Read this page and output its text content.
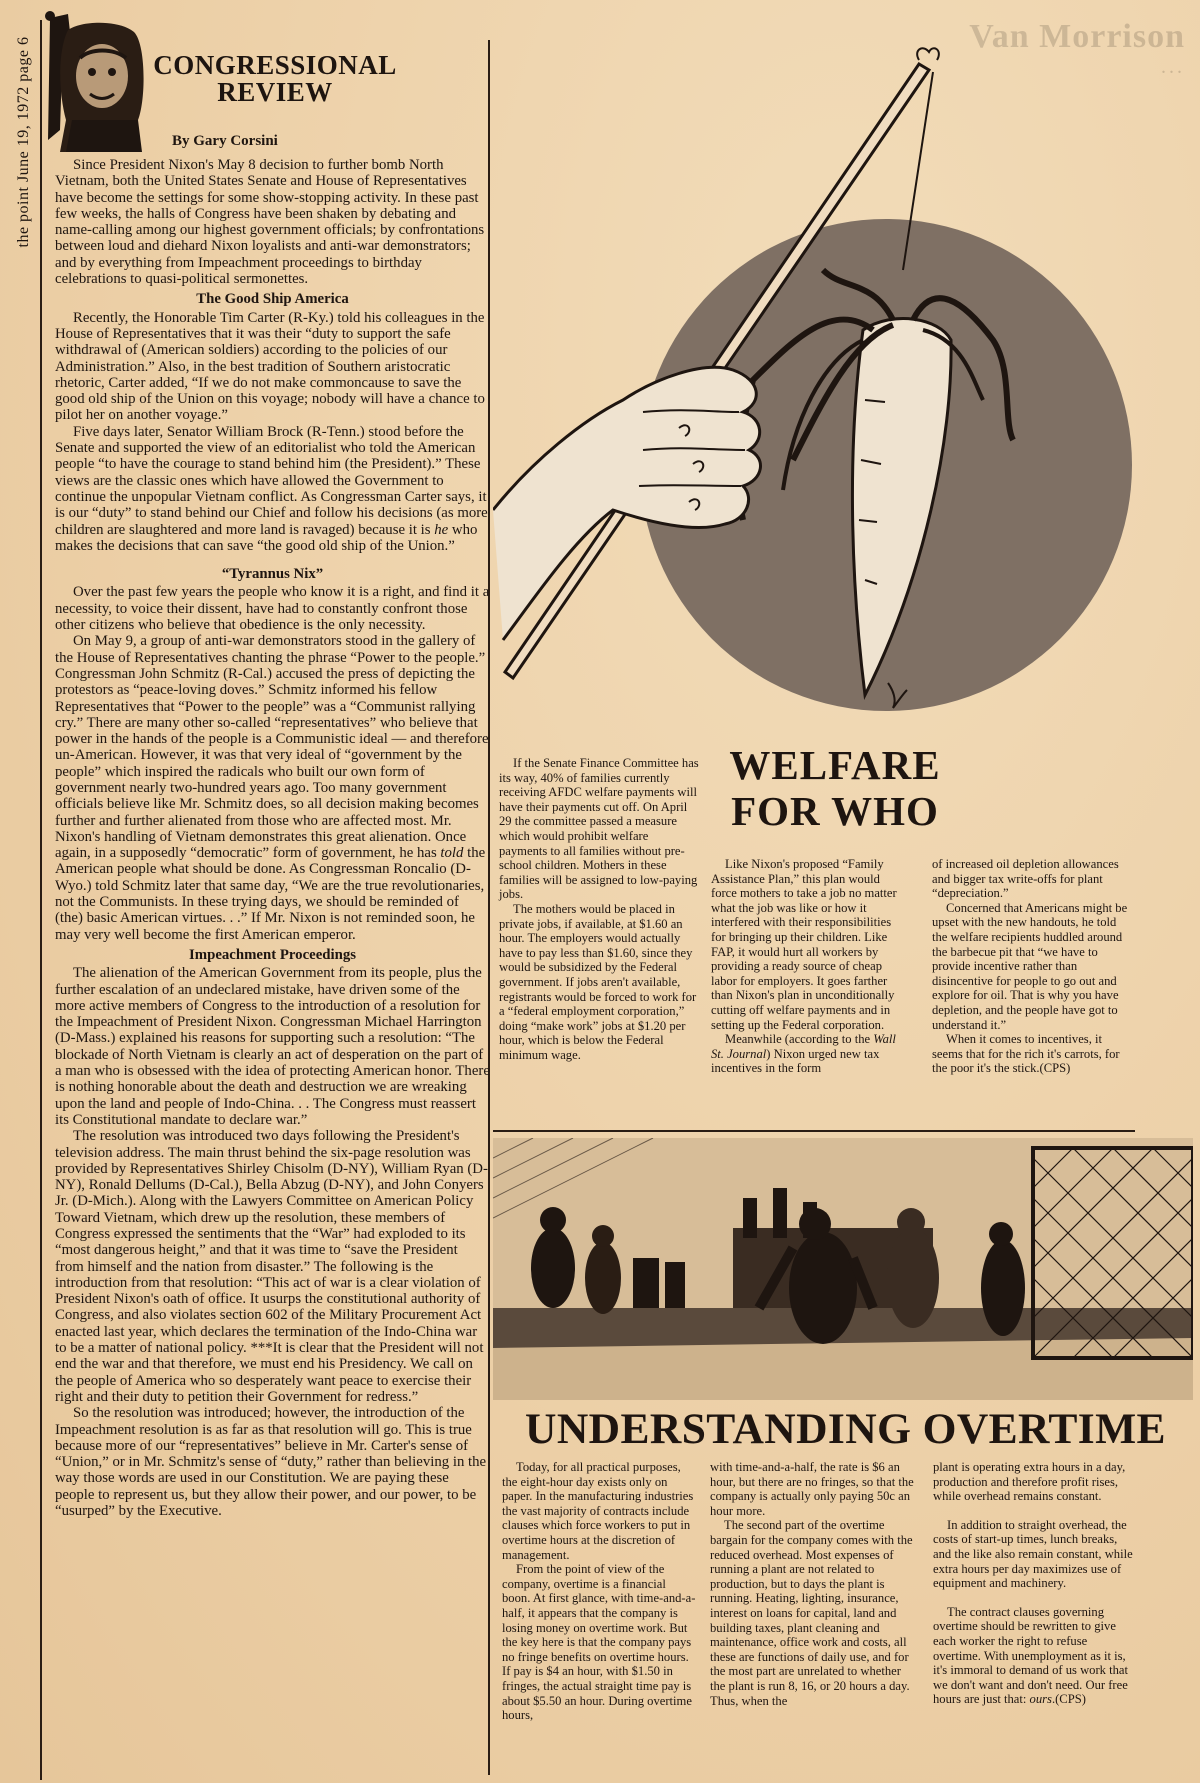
Van Morrison
...
the point June 19, 1972 page 6	CONGRESSIONAL
REVIEW
By Gary Corsini

Since President Nixon's May 8 decision to further bomb North Vietnam, both the United States Senate and House of Representatives have become the settings for some show-stopping activity. In these past few weeks, the halls of Congress have been shaken by debating and name-calling among our highest government officials; by confrontations between loud and diehard Nixon loyalists and anti-war demonstrators; and by everything from Impeachment proceedings to birthday celebrations to quasi-political sermonettes.

The Good Ship America

Recently, the Honorable Tim Carter (R-Ky.) told his colleagues in the House of Representatives that it was their “duty to support the safe withdrawal of (American soldiers) according to the policies of our Administration.” Also, in the best tradition of Southern aristocratic rhetoric, Carter added, “If we do not make commoncause to save the good old ship of the Union on this voyage; nobody will have a chance to pilot her on another voyage.”

Five days later, Senator William Brock (R-Tenn.) stood before the Senate and supported the view of an editorialist who told the American people “to have the courage to stand behind him (the President).” These views are the classic ones which have allowed the Government to continue the unpopular Vietnam conflict. As Congressman Carter says, it is our “duty” to stand behind our Chief and follow his decisions (as more children are slaughtered and more land is ravaged) because it is he who makes the decisions that can save “the good old ship of the Union.”

“Tyrannus Nix”

Over the past few years the people who know it is a right, and find it a necessity, to voice their dissent, have had to constantly confront those other citizens who believe that obedience is the only necessity.

On May 9, a group of anti-war demonstrators stood in the gallery of the House of Representatives chanting the phrase “Power to the people.” Congressman John Schmitz (R-Cal.) accused the press of depicting the protestors as “peace-loving doves.” Schmitz informed his fellow Representatives that “Power to the people” was a “Communist rallying cry.” There are many other so-called “representatives” who believe that power in the hands of the people is a Communistic ideal — and therefore un-American. However, it was that very ideal of “government by the people” which inspired the radicals who built our own form of government nearly two-hundred years ago. Too many government officials believe like Mr. Schmitz does, so all decision making becomes further and further alienated from those who are affected most. Mr. Nixon's handling of Vietnam demonstrates this great alienation. Once again, in a supposedly “democratic” form of government, he has told the American people what should be done. As Congressman Roncalio (D-Wyo.) told Schmitz later that same day, “We are the true revolutionaries, not the Communists. In these trying days, we should be reminded of (the) basic American virtues. . .” If Mr. Nixon is not reminded soon, he may very well become the first American emperor.

Impeachment Proceedings

The alienation of the American Government from its people, plus the further escalation of an undeclared mistake, have driven some of the more active members of Congress to the introduction of a resolution for the Impeachment of President Nixon. Congressman Michael Harrington (D-Mass.) explained his reasons for supporting such a resolution: “The blockade of North Vietnam is clearly an act of desperation on the part of a man who is obsessed with the idea of protecting American honor. There is nothing honorable about the death and destruction we are wreaking upon the land and people of Indo-China. . . The Congress must reassert its Constitutional mandate to declare war.”

The resolution was introduced two days following the President's television address. The main thrust behind the six-page resolution was provided by Representatives Shirley Chisolm (D-NY), William Ryan (D-NY), Ronald Dellums (D-Cal.), Bella Abzug (D-NY), and John Conyers Jr. (D-Mich.). Along with the Lawyers Committee on American Policy Toward Vietnam, which drew up the resolution, these members of Congress expressed the sentiments that the “War” had exploded to its “most dangerous height,” and that it was time to “save the President from himself and the nation from disaster.” The following is the introduction from that resolution: “This act of war is a clear violation of President Nixon's oath of office. It usurps the constitutional authority of Congress, and also violates section 602 of the Military Procurement Act enacted last year, which declares the termination of the Indo-China war to be a matter of national policy. ***It is clear that the President will not end the war and that therefore, we must end his Presidency. We call on the people of America who so desperately want peace to exercise their right and their duty to petition their Government for redress.”

So the resolution was introduced; however, the introduction of the Impeachment resolution is as far as that resolution will go. This is true because more of our “representatives” believe in Mr. Carter's sense of “Union,” or in Mr. Schmitz's sense of “duty,” rather than believing in the way those words are used in our Constitution. We are paying these people to represent us, but they allow their power, and our power, to be “usurped” by the Executive.

WELFARE
FOR WHO

If the Senate Finance Committee has its way, 40% of families currently receiving AFDC welfare payments will have their payments cut off. On April 29 the committee passed a measure which would prohibit welfare payments to all families without pre-school children. Mothers in these families will be assigned to low-paying jobs.

The mothers would be placed in private jobs, if available, at $1.60 an hour. The employers would actually have to pay less than $1.60, since they would be subsidized by the Federal government. If jobs aren't available, registrants would be forced to work for a “federal employment corporation,” doing “make work” jobs at $1.20 per hour, which is below the Federal minimum wage.

Like Nixon's proposed “Family Assistance Plan,” this plan would force mothers to take a job no matter what the job was like or how it interfered with their responsibilities for bringing up their children. Like FAP, it would hurt all workers by providing a ready source of cheap labor for employers. It goes farther than Nixon's plan in unconditionally cutting off welfare payments and in setting up the Federal corporation.

Meanwhile (according to the Wall St. Journal) Nixon urged new tax incentives in the form

of increased oil depletion allowances and bigger tax write-offs for plant “depreciation.”

Concerned that Americans might be upset with the new handouts, he told the welfare recipients huddled around the barbecue pit that “we have to provide incentive rather than disincentive for people to go out and explore for oil. That is why you have depletion, and the people have got to understand it.”

When it comes to incentives, it seems that for the rich it's carrots, for the poor it's the stick.(CPS)

UNDERSTANDING OVERTIME

Today, for all practical purposes, the eight-hour day exists only on paper. In the manufacturing industries the vast majority of contracts include clauses which force workers to put in overtime hours at the discretion of management.

From the point of view of the company, overtime is a financial boon. At first glance, with time-and-a-half, it appears that the company is losing money on overtime work. But the key here is that the company pays no fringe benefits on overtime hours. If pay is $4 an hour, with $1.50 in fringes, the actual straight time pay is about $5.50 an hour. During overtime hours,

with time-and-a-half, the rate is $6 an hour, but there are no fringes, so that the company is actually only paying 50c an hour more.

The second part of the overtime bargain for the company comes with the reduced overhead. Most expenses of running a plant are not related to production, but to days the plant is running. Heating, lighting, insurance, interest on loans for capital, land and building taxes, plant cleaning and maintenance, office work and costs, all these are functions of daily use, and for the most part are unrelated to whether the plant is run 8, 16, or 20 hours a day. Thus, when the

plant is operating extra hours in a day, production and therefore profit rises, while overhead remains constant.

In addition to straight overhead, the costs of start-up times, lunch breaks, and the like also remain constant, while extra hours per day maximizes use of equipment and machinery.

The contract clauses governing overtime should be rewritten to give each worker the right to refuse overtime. With unemployment as it is, it's immoral to demand of us work that we don't want and don't need. Our free hours are just that: ours.(CPS)
